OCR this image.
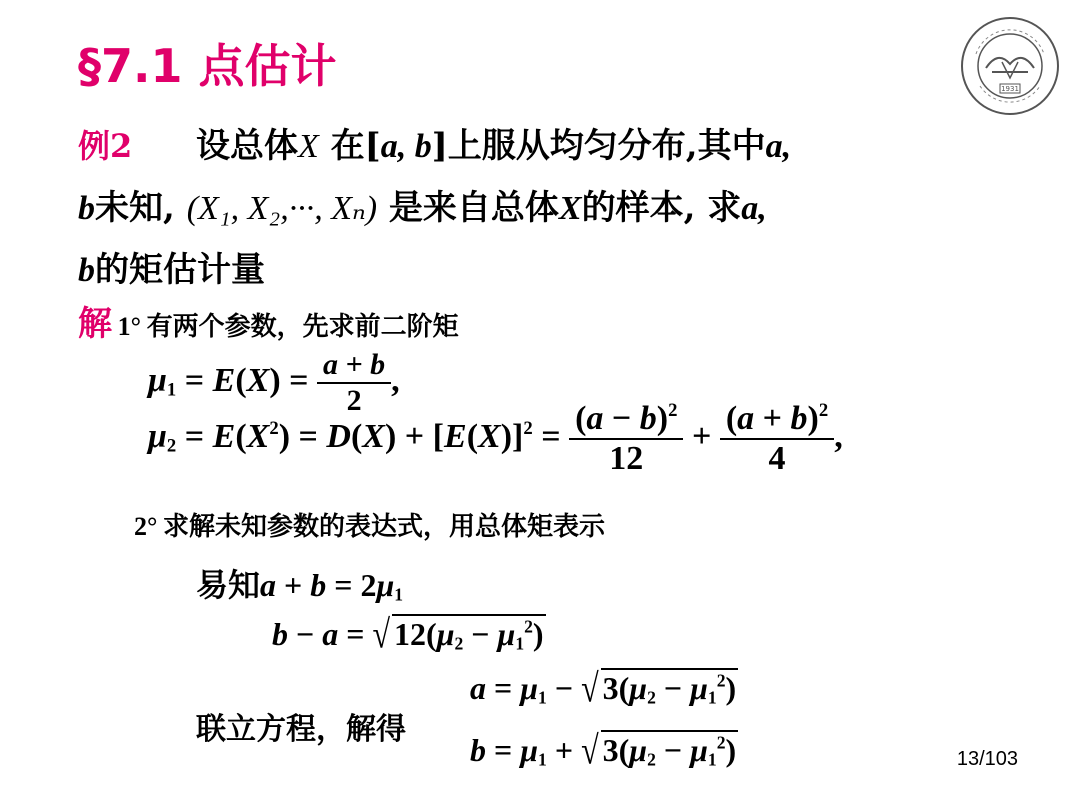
§7.1 点估计	1931
例2 设总体X 在[a, b]上服从均匀分布,其中a,
b未知, (X₁, X₂,···, Xₙ) 是来自总体X的样本, 求a,
b的矩估计量
解 1° 有两个参数，先求前二阶矩
$\mu_1 = E(X) = \frac{a + b}{2}$ ,
$\mu_2 = E(X^2) = D(X) + [E(X)]^2 = \frac{(a - b)^2}{12} + \frac{(a + b)^2}{4}$ ,
2° 求解未知参数的表达式，用总体矩表示
易知$a + b = 2\mu_1$
b − a = √ $12(\mu_2 - \mu_1^2)$
联立方程，解得
$a = \mu_1$ − √ $3(\mu_2 - \mu_1^2)$
$b = \mu_1$ + √ $3(\mu_2 - \mu_1^2)$	13/103
